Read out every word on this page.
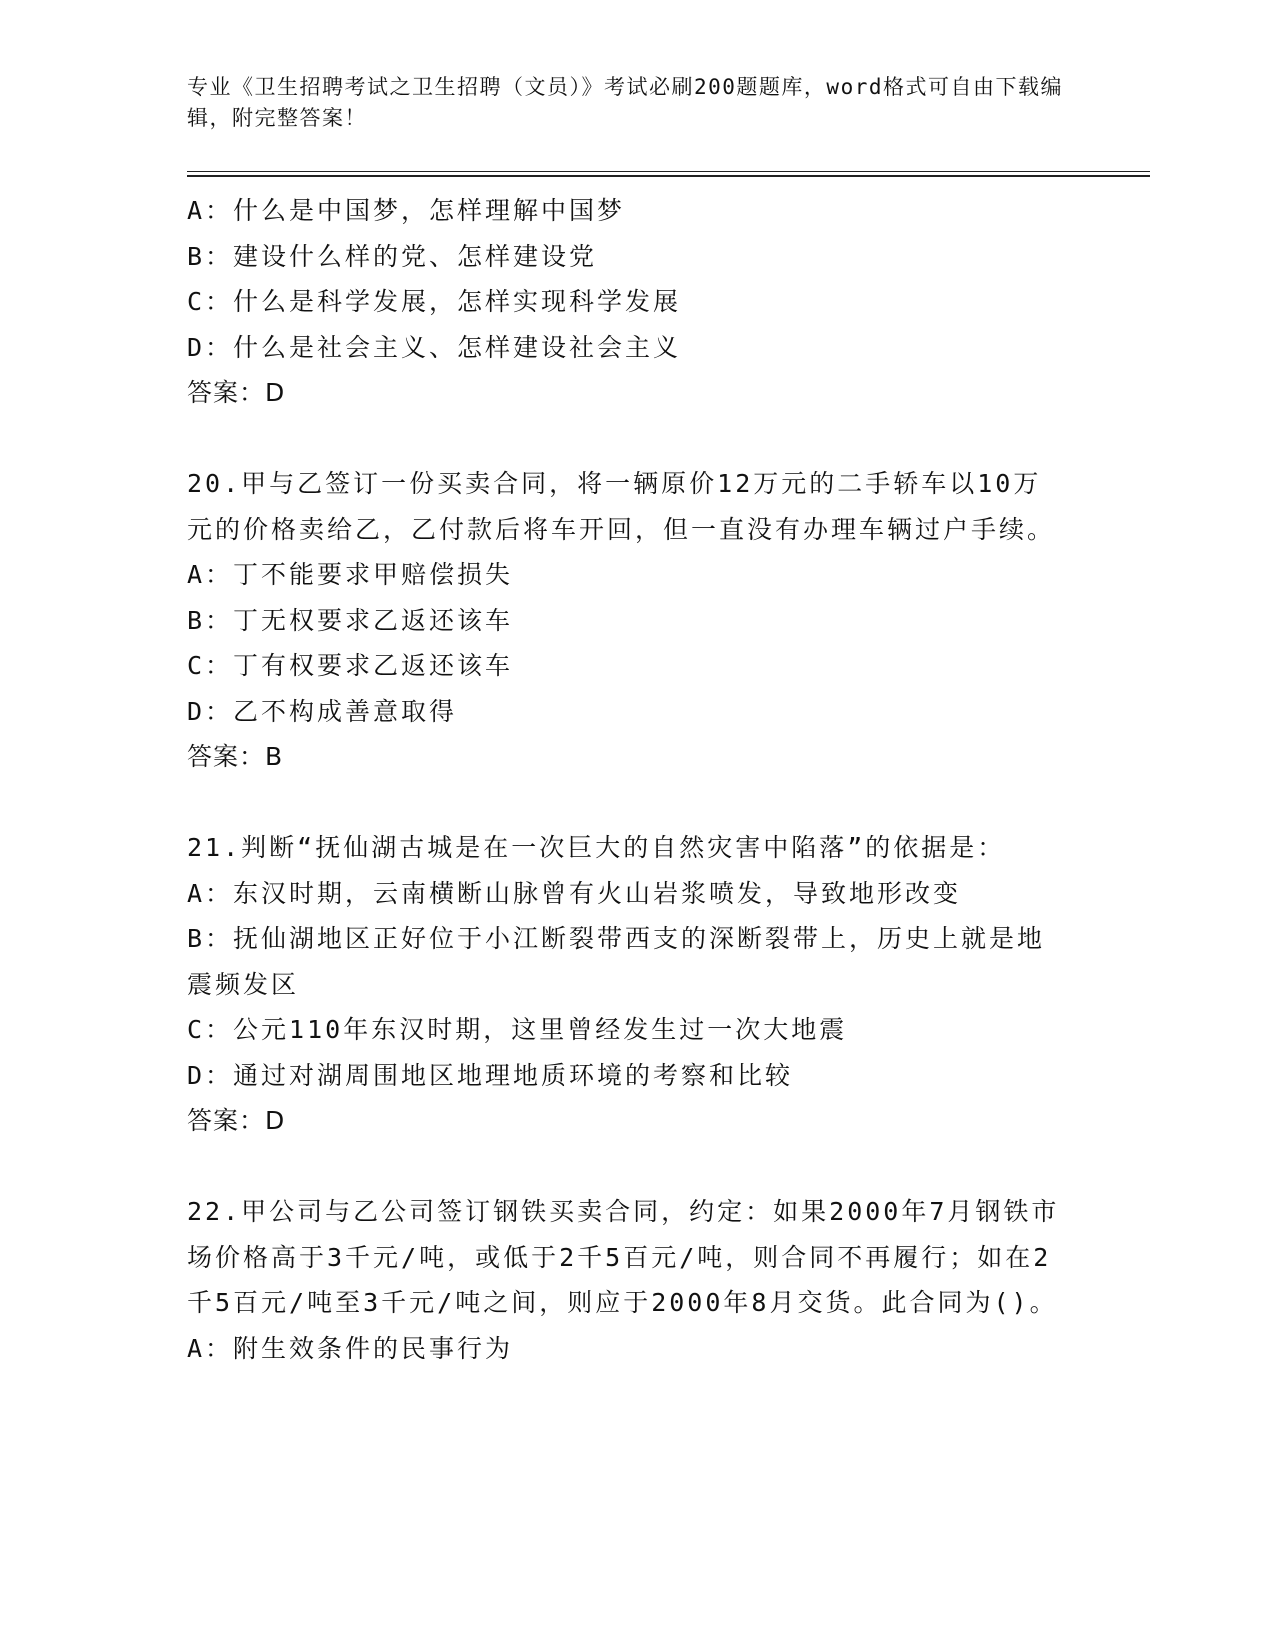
专业《卫生招聘考试之卫生招聘（文员）》考试必刷200题题库，word格式可自由下载编辑，附完整答案！
A：什么是中国梦，怎样理解中国梦
B：建设什么样的党、怎样建设党
C：什么是科学发展，怎样实现科学发展
D：什么是社会主义、怎样建设社会主义
答案：D
20.甲与乙签订一份买卖合同，将一辆原价12万元的二手轿车以10万元的价格卖给乙，乙付款后将车开回，但一直没有办理车辆过户手续。
A：丁不能要求甲赔偿损失
B：丁无权要求乙返还该车
C：丁有权要求乙返还该车
D：乙不构成善意取得
答案：B
21.判断“抚仙湖古城是在一次巨大的自然灾害中陷落”的依据是：
A：东汉时期，云南横断山脉曾有火山岩浆喷发，导致地形改变
B：抚仙湖地区正好位于小江断裂带西支的深断裂带上，历史上就是地震频发区
C：公元110年东汉时期，这里曾经发生过一次大地震
D：通过对湖周围地区地理地质环境的考察和比较
答案：D
22.甲公司与乙公司签订钢铁买卖合同，约定：如果2000年7月钢铁市场价格高于3千元/吨，或低于2千5百元/吨，则合同不再履行；如在2千5百元/吨至3千元/吨之间，则应于2000年8月交货。此合同为()。
A：附生效条件的民事行为
